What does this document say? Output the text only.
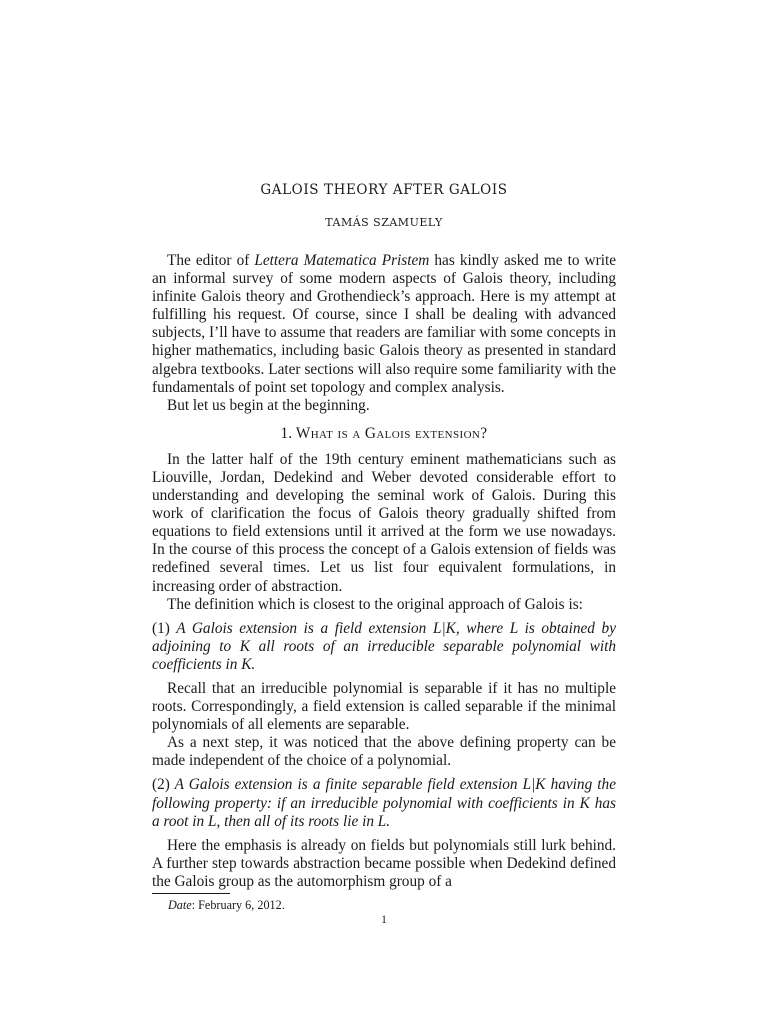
GALOIS THEORY AFTER GALOIS
TAMÁS SZAMUELY

The editor of Lettera Matematica Pristem has kindly asked me to write an informal survey of some modern aspects of Galois theory, including infinite Galois theory and Grothendieck’s approach. Here is my attempt at fulfilling his request. Of course, since I shall be dealing with advanced subjects, I’ll have to assume that readers are familiar with some concepts in higher mathematics, including basic Galois theory as presented in standard algebra textbooks. Later sections will also require some familiarity with the fundamentals of point set topology and complex analysis.

But let us begin at the beginning.

1. What is a Galois extension?

In the latter half of the 19th century eminent mathematicians such as Liouville, Jordan, Dedekind and Weber devoted considerable effort to understanding and developing the seminal work of Galois. During this work of clarification the focus of Galois theory gradually shifted from equations to field extensions until it arrived at the form we use nowadays. In the course of this process the concept of a Galois extension of fields was redefined several times. Let us list four equivalent formulations, in increasing order of abstraction.

The definition which is closest to the original approach of Galois is:

(1) A Galois extension is a field extension L|K, where L is obtained by adjoining to K all roots of an irreducible separable polynomial with coefficients in K.

Recall that an irreducible polynomial is separable if it has no multiple roots. Correspondingly, a field extension is called separable if the minimal polynomials of all elements are separable.

As a next step, it was noticed that the above defining property can be made independent of the choice of a polynomial.

(2) A Galois extension is a finite separable field extension L|K having the following property: if an irreducible polynomial with coefficients in K has a root in L, then all of its roots lie in L.

Here the emphasis is already on fields but polynomials still lurk behind. A further step towards abstraction became possible when Dedekind defined the Galois group as the automorphism group of a

Date: February 6, 2012.
1
